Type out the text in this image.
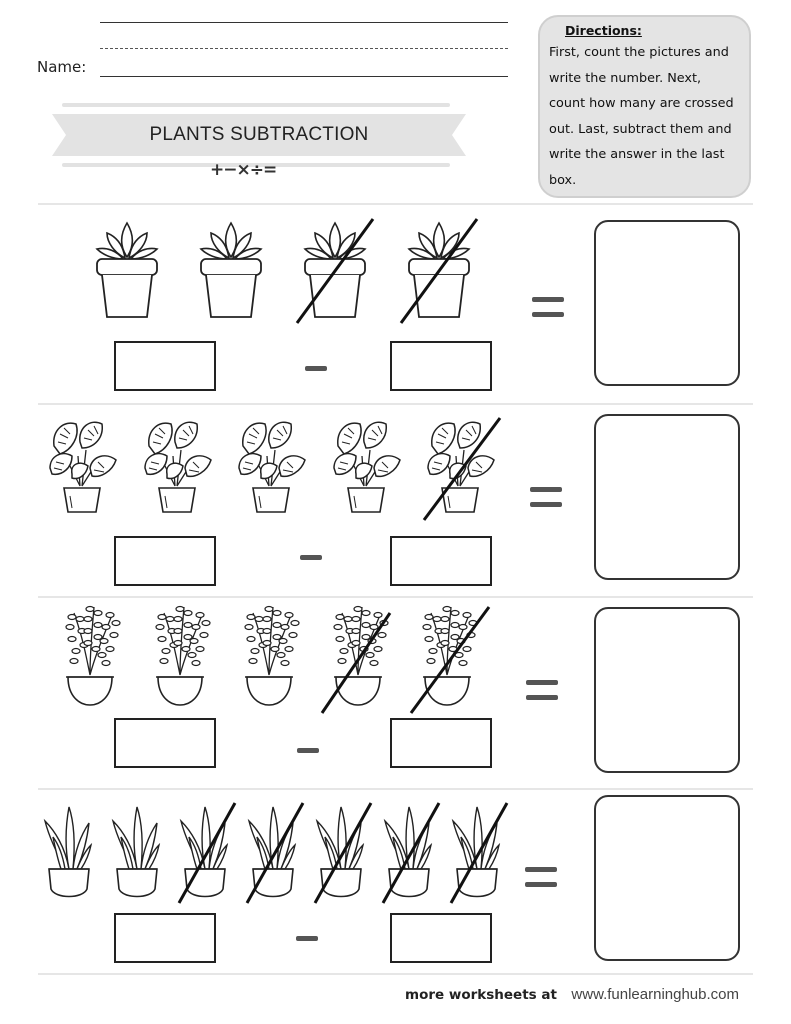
Name:
PLANTS SUBTRACTION
+−×÷=
Directions:
First, count the pictures and write the number. Next, count how many are crossed out. Last, subtract them and write the answer in the last box.
more worksheets at www.funlearninghub.com
